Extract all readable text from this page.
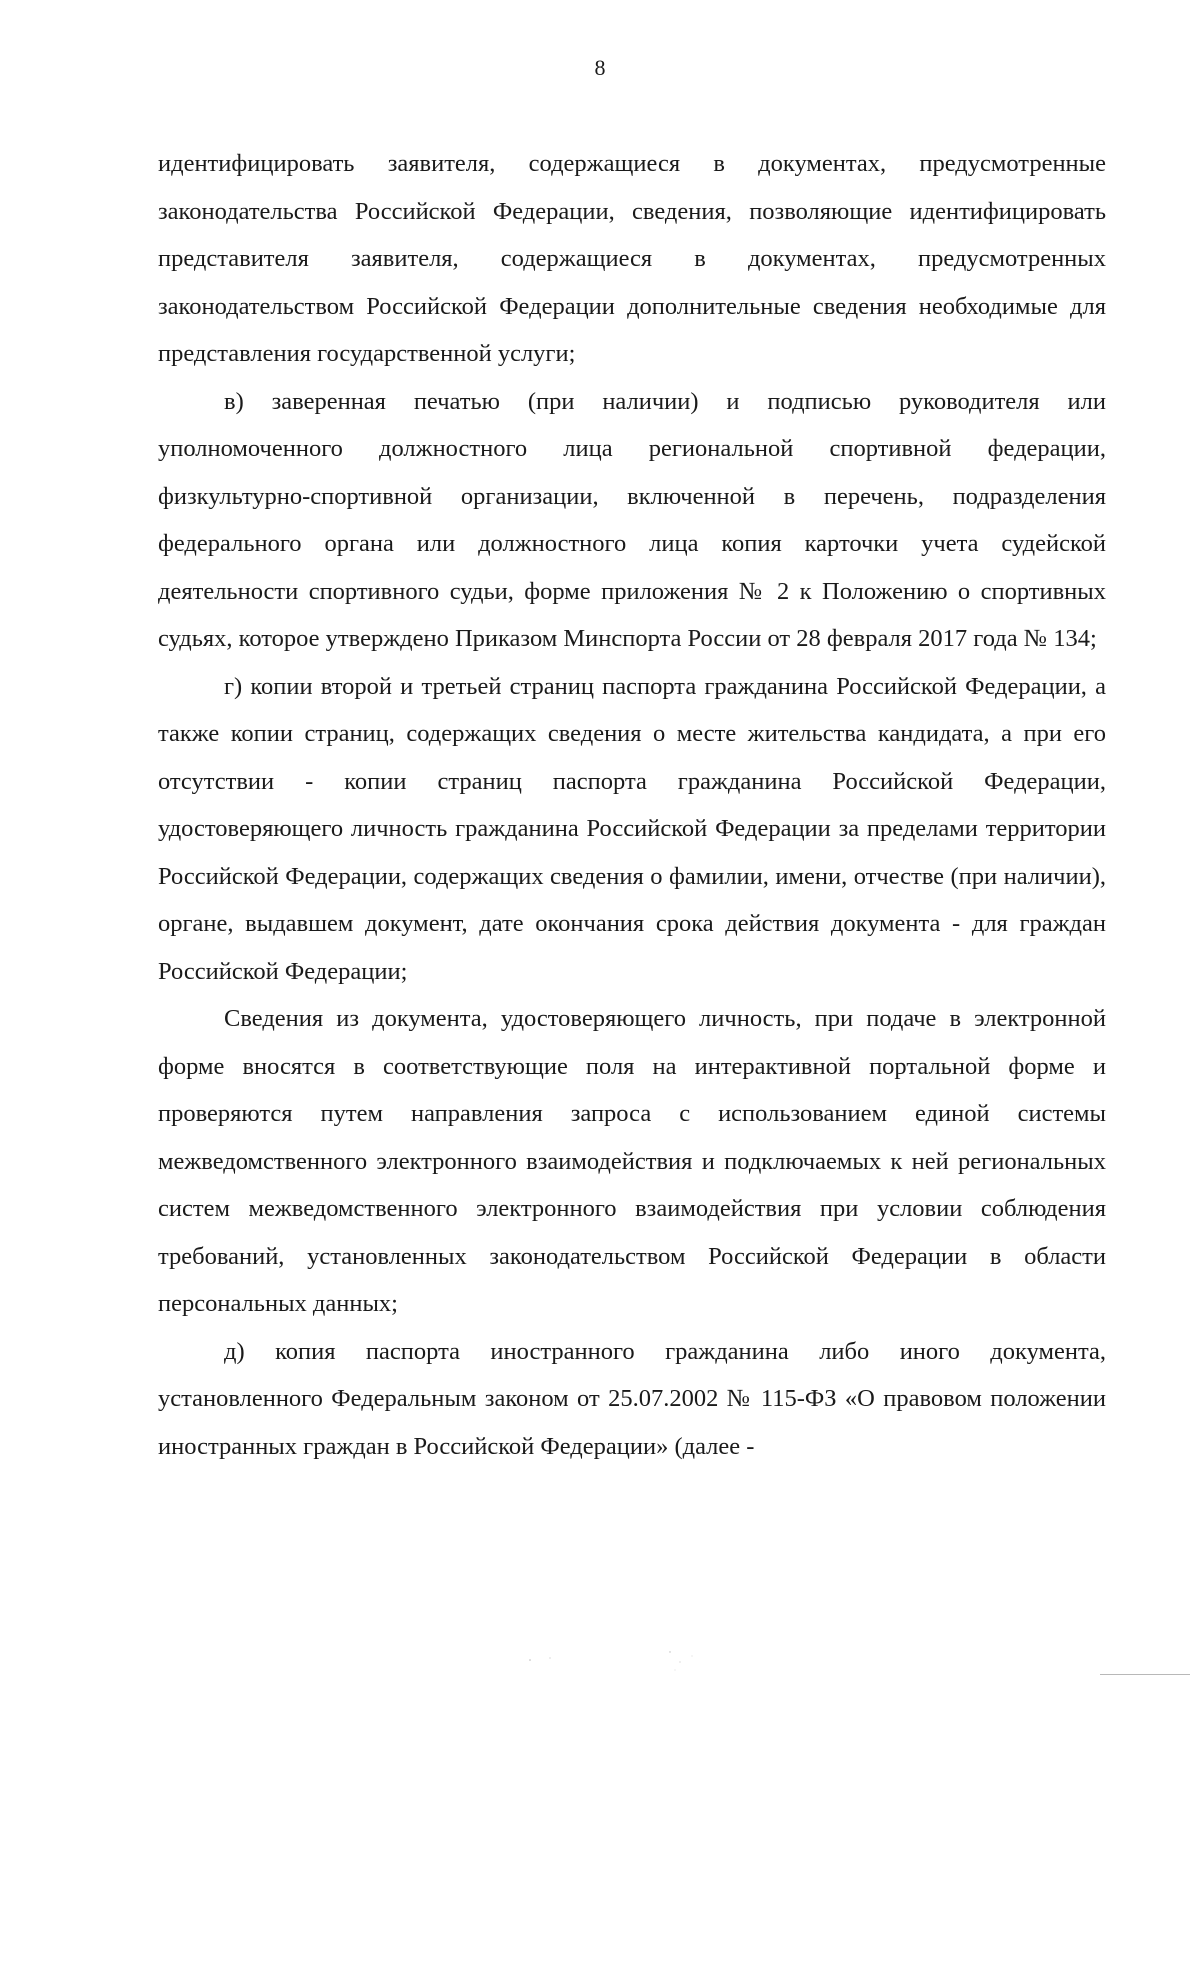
8

идентифицировать заявителя, содержащиеся в документах, предусмотренные законодательства Российской Федерации, сведения, позволяющие идентифицировать представителя заявителя, содержащиеся в документах, предусмотренных законодательством Российской Федерации дополнительные сведения необходимые для представления государственной услуги;

в) заверенная печатью (при наличии) и подписью руководителя или уполномоченного должностного лица региональной спортивной федерации, физкультурно-спортивной организации, включенной в перечень, подразделения федерального органа или должностного лица копия карточки учета судейской деятельности спортивного судьи, форме приложения № 2 к Положению о спортивных судьях, которое утверждено Приказом Минспорта России от 28 февраля 2017 года № 134;

г) копии второй и третьей страниц паспорта гражданина Российской Федерации, а также копии страниц, содержащих сведения о месте жительства кандидата, а при его отсутствии - копии страниц паспорта гражданина Российской Федерации, удостоверяющего личность гражданина Российской Федерации за пределами территории Российской Федерации, содержащих сведения о фамилии, имени, отчестве (при наличии), органе, выдавшем документ, дате окончания срока действия документа - для граждан Российской Федерации;

Сведения из документа, удостоверяющего личность, при подаче в электронной форме вносятся в соответствующие поля на интерактивной портальной форме и проверяются путем направления запроса с использованием единой системы межведомственного электронного взаимодействия и подключаемых к ней региональных систем межведомственного электронного взаимодействия при условии соблюдения требований, установленных законодательством Российской Федерации в области персональных данных;

д) копия паспорта иностранного гражданина либо иного документа, установленного Федеральным законом от 25.07.2002 № 115-ФЗ «О правовом положении иностранных граждан в Российской Федерации» (далее -
